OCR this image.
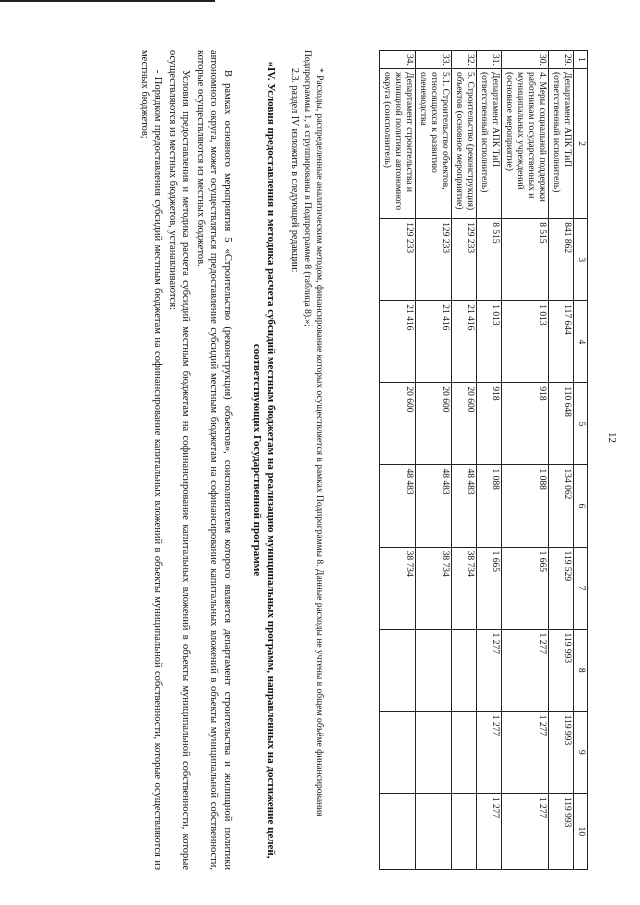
12
1	2	3	4	5	6	7	8	9	10
29.	Департамент АПК ТиП (ответственный исполнитель)	841 862	117 644	110 648	134 062	119 529	119 993	119 993	119 993
30.	4. Меры социальной поддержки работникам государственных и муниципальных учреждений (основное мероприятие)	8 515	1 013	918	1 088	1 665	1 277	1 277	1 277
31.	Департамент АПК ТиП (ответственный исполнитель)	8 515	1 013	918	1 088	1 665	1 277	1 277	1 277
32.	5. Строительство (реконструкция) объектов (основное мероприятие)	129 233	21 416	20 600	48 483	38 734			
33.	5.1. Строительство объектов, относящихся к развитию оленеводства	129 233	21 416	20 600	48 483	38 734			
34.	Департамент строительства и жилищной политики автономного округа (соисполнитель)	129 233	21 416	20 600	48 483	38 734			
* Расходы, распределенные аналитическим методом, финансирование которых осуществляется в рамках Подпрограммы 8. Данные расходы не учтены в общем объёме финансирования Подпрограммы 1, а сгруппированы в Подпрограмме 8 (таблица 8).»;
2.3. раздел IV изложить в следующей редакции:
«IV. Условия предоставления и методика расчета субсидий местным бюджетам на реализацию муниципальных программ, направленных на достижение целей, соответствующих Государственной программе

В рамках основного мероприятия 5 «Строительство (реконструкция) объектов», соисполнителем которого является департамент строительства и жилищной политики автономного округа, может осуществляться предоставление субсидий местным бюджетам на софинансирование капитальных вложений в объекты муниципальной собственности, которые осуществляются из местных бюджетов.

Условия предоставления и методика расчета субсидий местным бюджетам на софинансирование капитальных вложений в объекты муниципальной собственности, которые осуществляются из местных бюджетов, устанавливаются:

- Порядком предоставления субсидий местным бюджетам на софинансирование капитальных вложений в объекты муниципальной собственности, которые осуществляются из местных бюджетов;
